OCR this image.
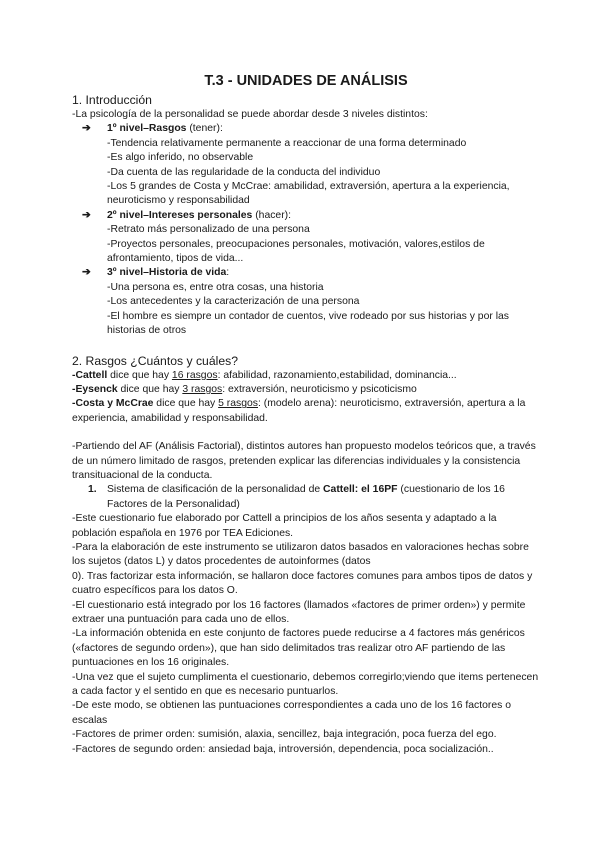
T.3 - UNIDADES DE ANÁLISIS
1. Introducción
-La psicología de la personalidad se puede abordar desde 3 niveles distintos:
➔ 1º nivel–Rasgos (tener):
-Tendencia relativamente permanente a reaccionar de una forma determinado
-Es algo inferido, no observable
-Da cuenta de las regularidade de la conducta del individuo
-Los 5 grandes de Costa y McCrae: amabilidad, extraversión, apertura a la experiencia, neuroticismo y responsabilidad
➔ 2º nivel–Intereses personales (hacer):
-Retrato más personalizado de una persona
-Proyectos personales, preocupaciones personales, motivación, valores,estilos de afrontamiento, tipos de vida...
➔ 3º nivel–Historia de vida:
-Una persona es, entre otra cosas, una historia
-Los antecedentes y la caracterización de una persona
-El hombre es siempre un contador de cuentos, vive rodeado por sus historias y por las historias de otros
2. Rasgos ¿Cuántos y cuáles?
-Cattell dice que hay 16 rasgos: afabilidad, razonamiento,estabilidad, dominancia...
-Eysenck dice que hay 3 rasgos: extraversión, neuroticismo y psicoticismo
-Costa y McCrae dice que hay 5 rasgos: (modelo arena): neuroticismo, extraversión, apertura a la experiencia, amabilidad y responsabilidad.
-Partiendo del AF (Análisis Factorial), distintos autores han propuesto modelos teóricos que, a través de un número limitado de rasgos, pretenden explicar las diferencias individuales y la consistencia transituacional de la conducta.
1. Sistema de clasificación de la personalidad de Cattell: el 16PF (cuestionario de los 16 Factores de la Personalidad)
-Este cuestionario fue elaborado por Cattell a principios de los años sesenta y adaptado a la población española en 1976 por TEA Ediciones.
-Para la elaboración de este instrumento se utilizaron datos basados en valoraciones hechas sobre los sujetos (datos L) y datos procedentes de autoinformes (datos
0). Tras factorizar esta información, se hallaron doce factores comunes para ambos tipos de datos y cuatro específicos para los datos O.
-El cuestionario está integrado por los 16 factores (llamados «factores de primer orden») y permite extraer una puntuación para cada uno de ellos.
-La información obtenida en este conjunto de factores puede reducirse a 4 factores más genéricos («factores de segundo orden»), que han sido delimitados tras realizar otro AF partiendo de las puntuaciones en los 16 originales.
-Una vez que el sujeto cumplimenta el cuestionario, debemos corregirlo;viendo que items pertenecen a cada factor y el sentido en que es necesario puntuarlos.
-De este modo, se obtienen las puntuaciones correspondientes a cada uno de los 16 factores o escalas
-Factores de primer orden: sumisión, alaxia, sencillez, baja integración, poca fuerza del ego.
-Factores de segundo orden: ansiedad baja, introversión, dependencia, poca socialización..
